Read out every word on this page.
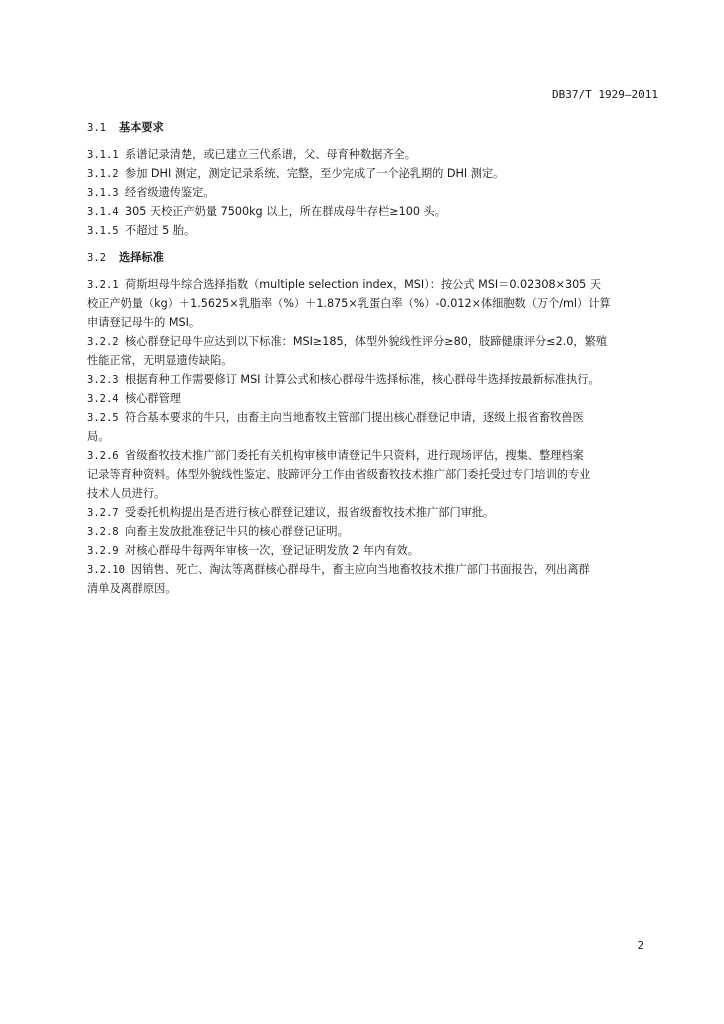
DB37/T 1929—2011
3.1 基本要求
3.1.1 系谱记录清楚，或已建立三代系谱，父、母育种数据齐全。
3.1.2 参加 DHI 测定，测定记录系统、完整，至少完成了一个泌乳期的 DHI 测定。
3.1.3 经省级遗传鉴定。
3.1.4 305 天校正产奶量 7500kg 以上，所在群成母牛存栏≥100 头。
3.1.5 不超过 5 胎。
3.2 选择标准
3.2.1 荷斯坦母牛综合选择指数（multiple selection index，MSI）：按公式 MSI＝0.02308×305 天
校正产奶量（kg）＋1.5625×乳脂率（%）＋1.875×乳蛋白率（%）-0.012×体细胞数（万个/ml）计算
申请登记母牛的 MSI。
3.2.2 核心群登记母牛应达到以下标准：MSI≥185，体型外貌线性评分≥80，肢蹄健康评分≤2.0，繁殖
性能正常，无明显遗传缺陷。
3.2.3 根据育种工作需要修订 MSI 计算公式和核心群母牛选择标准，核心群母牛选择按最新标准执行。
3.2.4 核心群管理
3.2.5 符合基本要求的牛只，由畜主向当地畜牧主管部门提出核心群登记申请，逐级上报省畜牧兽医
局。
3.2.6 省级畜牧技术推广部门委托有关机构审核申请登记牛只资料，进行现场评估，搜集、整理档案
记录等育种资料。体型外貌线性鉴定、肢蹄评分工作由省级畜牧技术推广部门委托受过专门培训的专业
技术人员进行。
3.2.7 受委托机构提出是否进行核心群登记建议，报省级畜牧技术推广部门审批。
3.2.8 向畜主发放批准登记牛只的核心群登记证明。
3.2.9 对核心群母牛每两年审核一次，登记证明发放 2 年内有效。
3.2.10 因销售、死亡、淘汰等离群核心群母牛，畜主应向当地畜牧技术推广部门书面报告，列出离群
清单及离群原因。
2
